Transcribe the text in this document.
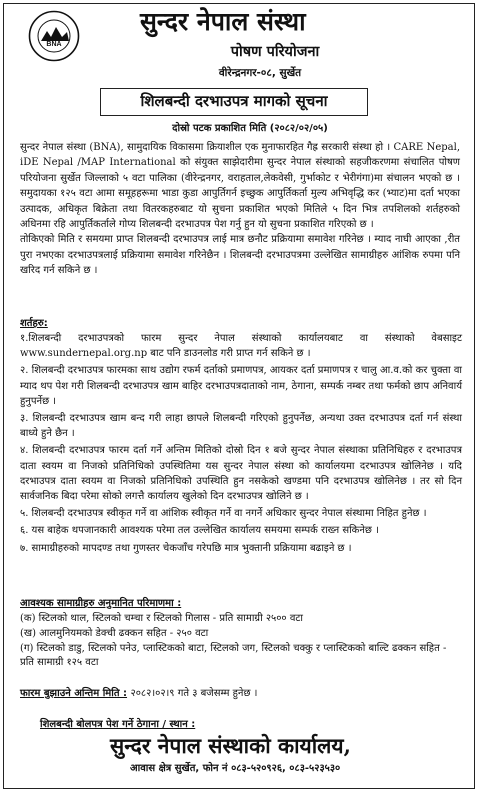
BNA
सुन्दर नेपाल संस्था
पोषण परियोजना
वीरेन्द्रनगर-०८, सुर्खेत
शिलबन्दी दरभाउपत्र मागको सूचना
दोस्रो पटक प्रकाशित मिति (२०८२/०२/०५)

सुन्दर नेपाल संस्था (BNA), सामुदायिक विकासमा क्रियाशील एक मुनाफारहित गैह्र सरकारी संस्था हो । CARE Nepal, iDE Nepal /MAP International को संयुक्त साझेदारीमा सुन्दर नेपाल संस्थाको सहजीकरणमा संचालित पोषण परियोजना सुर्खेत जिल्लाको ५ वटा पालिका (वीरेन्द्रनगर, वराहताल,लेकवेसी, गुर्भाकोट र भेरीगंगा)मा संचालन भएको छ । समुदायका १२५ वटा आमा समूहहरूमा भाडा कुडा आपुर्तिगर्न इच्छुक आपुर्तिकर्ता मुल्य अभिवृद्धि कर (भ्याट)मा दर्ता भएका उत्पादक, अधिकृत बिक्रेता तथा वितरकहरुबाट यो सुचना प्रकाशित भएको मितिले ५ दिन भित्र तपशिलको शर्तहरुको अधिनमा रहि आपुर्तिकर्ताले गोप्य शिलबन्दी दरभाउपत्र पेश गर्नु हुन यो सुचना प्रकाशित गरिएको छ ।

तोकिएको मिति र समयमा प्राप्त शिलबन्दी दरभाउपत्र लाई मात्र छनौट प्रक्रियामा समावेश गरिनेछ । म्याद नाघी आएका ,रीत पुरा नभएका दरभाउपत्रलाई प्रक्रियामा समावेश गरिनेछैन । शिलबन्दी दरभाउपत्रमा उल्लेखित सामाग्रीहरु आंशिक रुपमा पनि खरिद गर्न सकिने छ ।

शर्तहरु:
१.शिलबन्दी दरभाउपत्रको फारम सुन्दर नेपाल संस्थाको कार्यालयबाट वा संस्थाको वेबसाइट www.sundernepal.org.np बाट पनि डाउनलोड गरी प्राप्त गर्न सकिने छ ।
२. शिलबन्दी दरभाउपत्र फारमका साथ उद्योग रफर्म दर्ताको प्रमाणपत्र, आयकर दर्ता प्रमाणपत्र र चालु आ.व.को कर चुक्ता वा म्याद थप पेश गरी शिलबन्दी दरभाउपत्र खाम बाहिर दरभाउपत्रदाताको नाम, ठेगाना, सम्पर्क नम्बर तथा फर्मको छाप अनिवार्य हुनुपर्नेछ ।
३. शिलबन्दी दरभाउपत्र खाम बन्द गरी लाहा छापले शिलबन्दी गरिएको हुनुपर्नेछ, अन्यथा उक्त दरभाउपत्र दर्ता गर्न संस्था बाध्ये हुने छैन ।
४. शिलबन्दी दरभाउपत्र फारम दर्ता गर्ने अन्तिम मितिको दोस्रो दिन १ बजे सुन्दर नेपाल संस्थाका प्रतिनिधिहरु र दरभाउपत्र दाता स्वयम वा निजको प्रतिनिधिको उपस्थितिमा यस सुन्दर नेपाल संस्था को कार्यालयमा दरभाउपत्र खोलिनेछ । यदि दरभाउपत्र दाता स्वयम वा निजको प्रतिनिधिको उपस्थिति हुन नसकेको खण्डमा पनि दरभाउपत्र खोलिनेछ । तर सो दिन सार्वजनिक बिदा परेमा सोको लगत्तै कार्यालय खुलेको दिन दरभाउपत्र खोलिने छ ।
५. शिलबन्दी दरभाउपत्र स्वीकृत गर्ने वा आंशिक स्वीकृत गर्ने वा नगर्ने अधिकार सुन्दर नेपाल संस्थामा निहित हुनेछ ।
६. यस बाहेक थपजानकारी आवश्यक परेमा तल उल्लेखित कार्यालय समयमा सम्पर्क राख्न सकिनेछ ।
७. सामाग्रीहरुको मापदण्ड तथा गुणस्तर चेकजाँच गरेपछि मात्र भुक्तानी प्रक्रियामा बढाइने छ ।
आवश्यक सामाग्रीहरु अनुमानित परिमाणमा :
(क) स्टिलको थाल, स्टिलको चम्चा र स्टिलको गिलास - प्रति सामाग्री २५०० वटा
(ख) आलमुनियमको डेक्ची ढक्कन सहित - २५० वटा
(ग) स्टिलको डाडु, स्टिलको पनेउ, प्लास्टिकको बाटा, स्टिलको जग, स्टिलको चक्कु र प्लास्टिकको बाल्टि ढक्कन सहित - प्रति सामाग्री १२५ वटा
फारम बुझाउने अन्तिम मिति : २०८२।०२।९ गते ३ बजेसम्म हुनेछ ।
शिलबन्दी बोलपत्र पेश गर्ने ठेगाना / स्थान :
सुन्दर नेपाल संस्थाको कार्यालय,
आवास क्षेत्र सुर्खेत, फोन नं ०८३-५२०९२६, ०८३-५२३५३०
